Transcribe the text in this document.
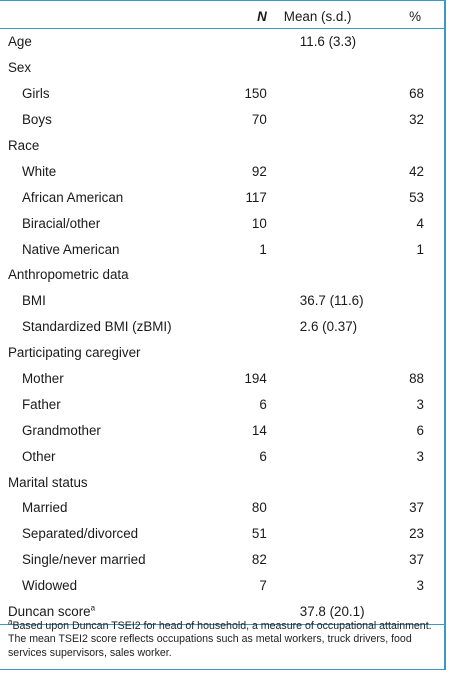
	N	Mean (s.d.)	%
Age		11.6 (3.3)	
Sex			
Girls	150		68
Boys	70		32
Race			
White	92		42
African American	117		53
Biracial/other	10		4
Native American	1		1
Anthropometric data			
BMI		36.7 (11.6)	
Standardized BMI (zBMI)		2.6 (0.37)	
Participating caregiver			
Mother	194		88
Father	6		3
Grandmother	14		6
Other	6		3
Marital status			
Married	80		37
Separated/divorced	51		23
Single/never married	82		37
Widowed	7		3
Duncan score$^a$		37.8 (20.1)	
$^a$Based upon Duncan TSEI2 for head of household, a measure of occupational attainment. The mean TSEI2 score reflects occupations such as metal workers, truck drivers, food services supervisors, sales worker.
